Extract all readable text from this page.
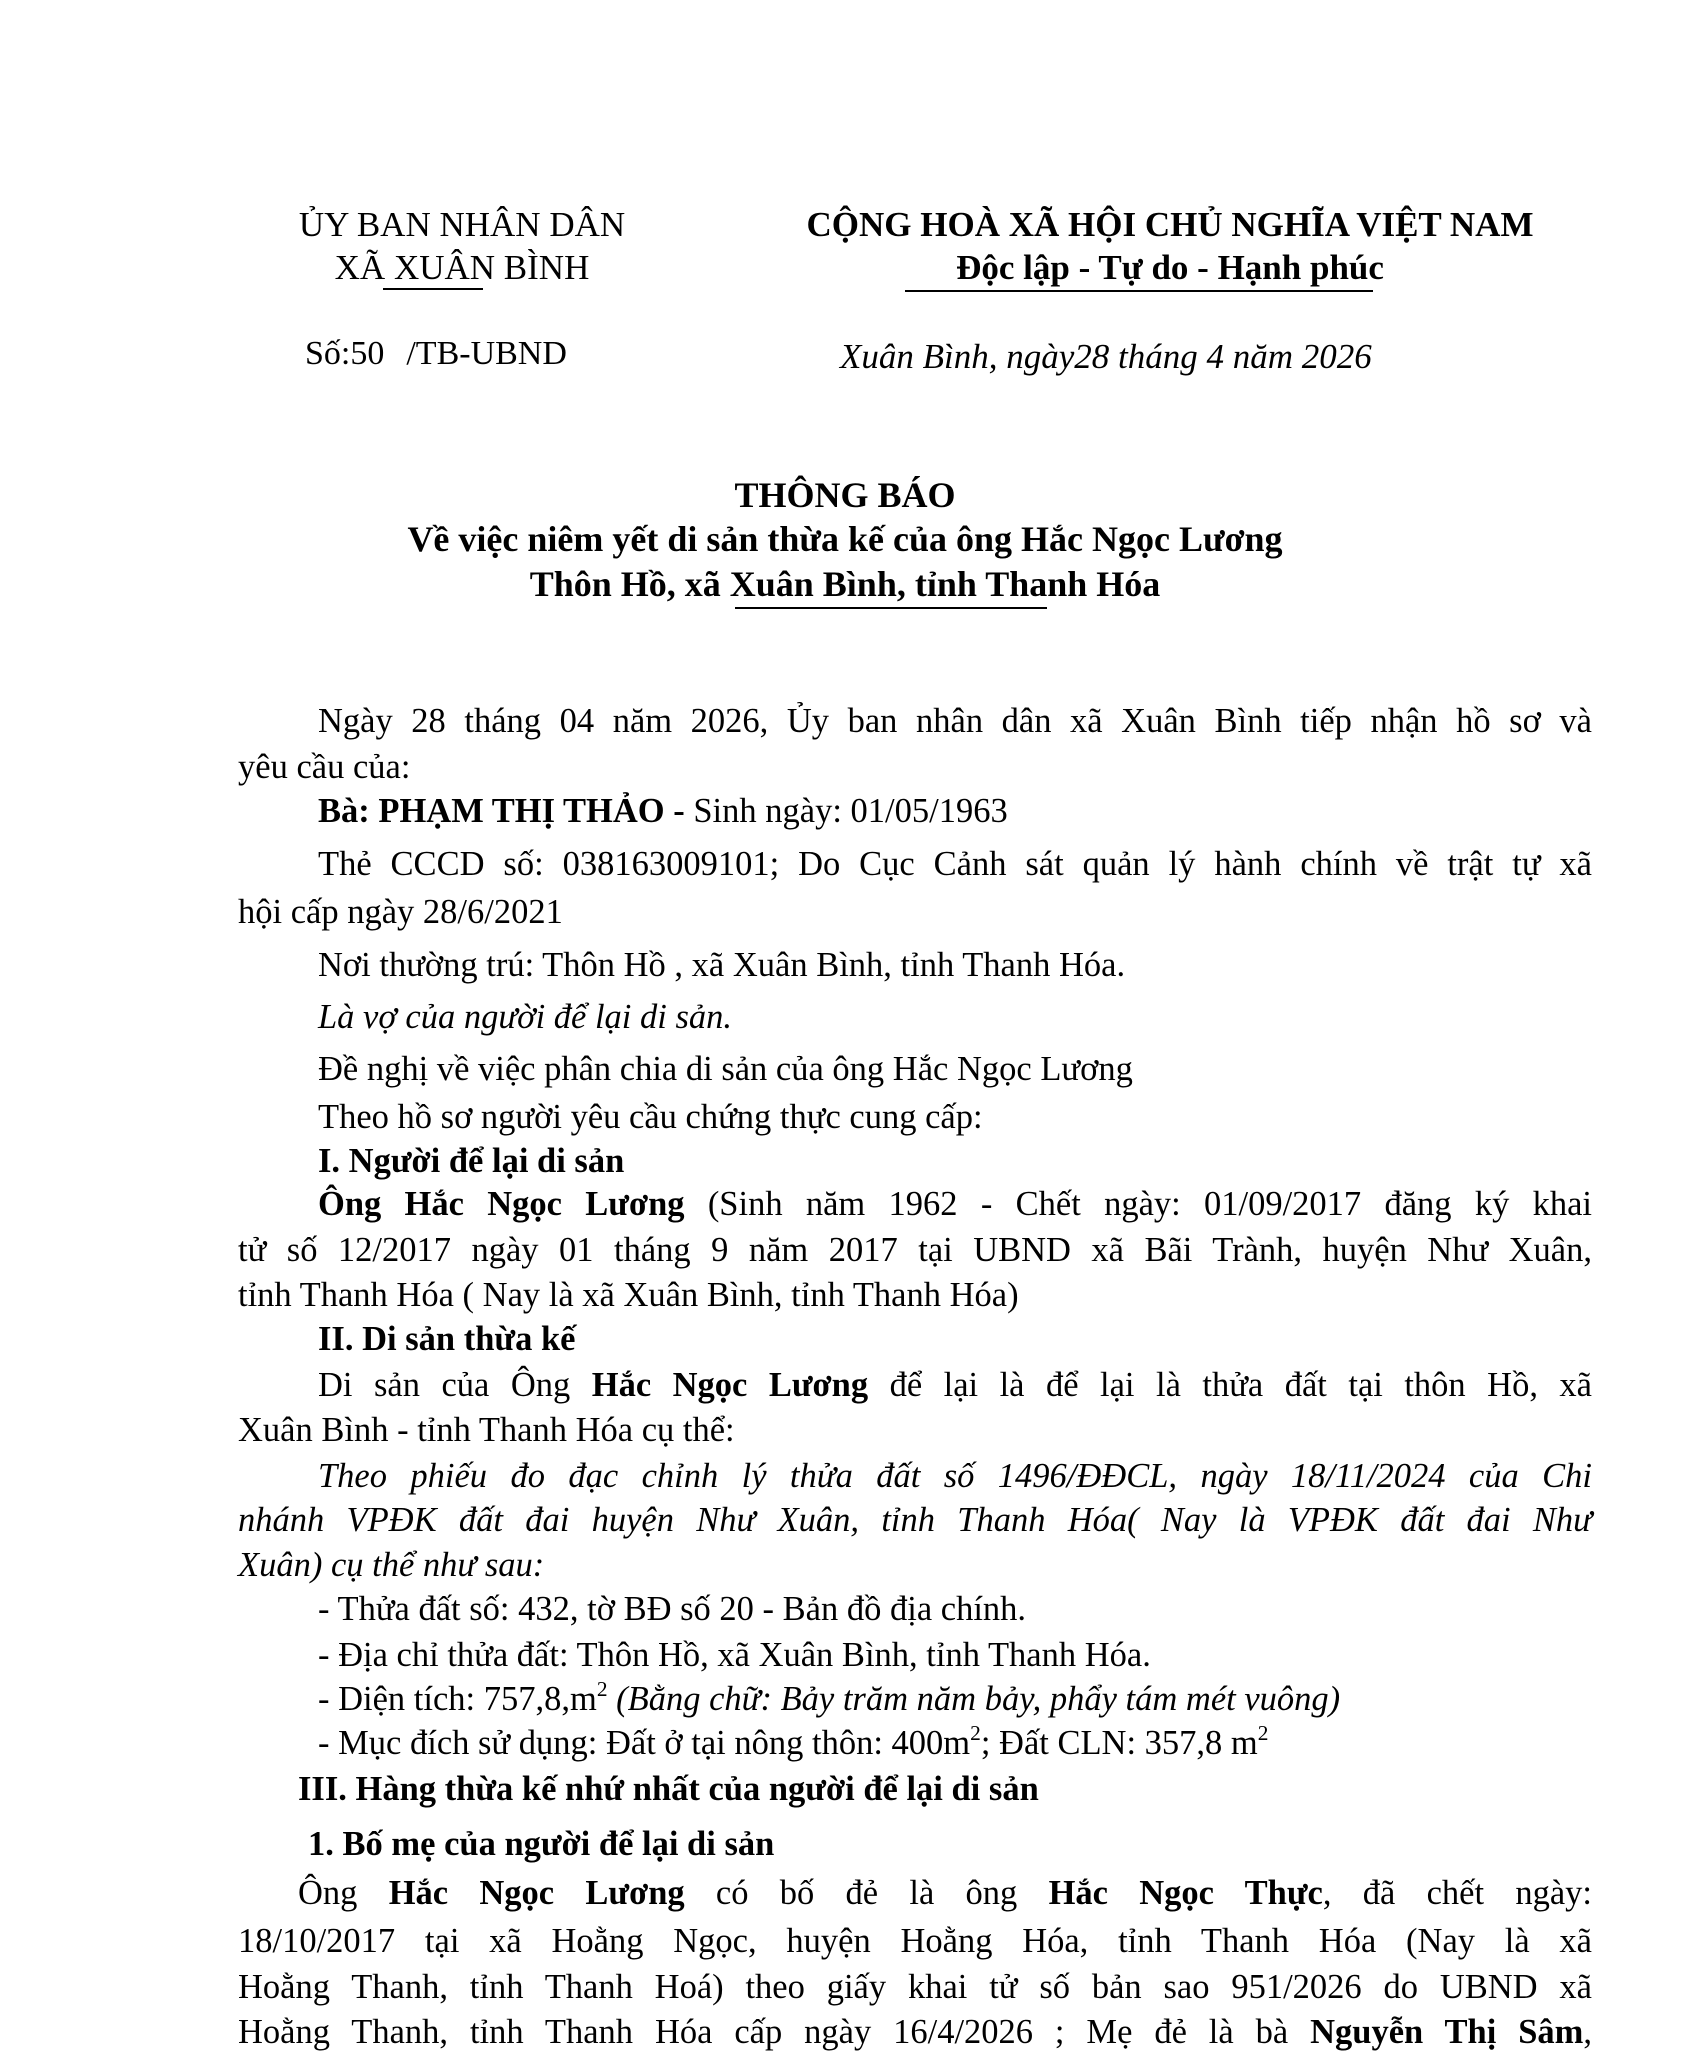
ỦY BAN NHÂN DÂN
XÃ XUÂN BÌNH
CỘNG HOÀ XÃ HỘI CHỦ NGHĨA VIỆT NAM
Độc lập - Tự do - Hạnh phúc
Số:50 /TB-UBND	Xuân Bình, ngày28 tháng 4 năm 2026
THÔNG BÁO
Về việc niêm yết di sản thừa kế của ông Hắc Ngọc Lương
Thôn Hồ, xã Xuân Bình, tỉnh Thanh Hóa
Ngày 28 tháng 04 năm 2026, Ủy ban nhân dân xã Xuân Bình tiếp nhận hồ sơ và
yêu cầu của:
Bà: PHẠM THỊ THẢO - Sinh ngày: 01/05/1963
Thẻ CCCD số: 038163009101; Do Cục Cảnh sát quản lý hành chính về trật tự xã
hội cấp ngày 28/6/2021
Nơi thường trú: Thôn Hồ , xã Xuân Bình, tỉnh Thanh Hóa.
Là vợ của người để lại di sản.
Đề nghị về việc phân chia di sản của ông Hắc Ngọc Lương
Theo hồ sơ người yêu cầu chứng thực cung cấp:
I. Người để lại di sản
Ông Hắc Ngọc Lương (Sinh năm 1962 - Chết ngày: 01/09/2017 đăng ký khai
tử số 12/2017 ngày 01 tháng 9 năm 2017 tại UBND xã Bãi Trành, huyện Như Xuân,
tỉnh Thanh Hóa ( Nay là xã Xuân Bình, tỉnh Thanh Hóa)
II. Di sản thừa kế
Di sản của Ông Hắc Ngọc Lương để lại là để lại là thửa đất tại thôn Hồ, xã
Xuân Bình - tỉnh Thanh Hóa cụ thể:
Theo phiếu đo đạc chỉnh lý thửa đất số 1496/ĐĐCL, ngày 18/11/2024 của Chi
nhánh VPĐK đất đai huyện Như Xuân, tỉnh Thanh Hóa( Nay là VPĐK đất đai Như
Xuân) cụ thể như sau:
- Thửa đất số: 432, tờ BĐ số 20 - Bản đồ địa chính.
- Địa chỉ thửa đất: Thôn Hồ, xã Xuân Bình, tỉnh Thanh Hóa.
- Diện tích: $757,8,m^2$ (Bằng chữ: Bảy trăm năm bảy, phẩy tám mét vuông)
- Mục đích sử dụng: Đất ở tại nông thôn: $400m^2$; Đất CLN: 357,8 $m^2$
III. Hàng thừa kế nhứ nhất của người để lại di sản
1. Bố mẹ của người để lại di sản
Ông Hắc Ngọc Lương có bố đẻ là ông Hắc Ngọc Thực, đã chết ngày:
18/10/2017 tại xã Hoằng Ngọc, huyện Hoằng Hóa, tỉnh Thanh Hóa (Nay là xã
Hoằng Thanh, tỉnh Thanh Hoá) theo giấy khai tử số bản sao 951/2026 do UBND xã
Hoằng Thanh, tỉnh Thanh Hóa cấp ngày 16/4/2026 ; Mẹ đẻ là bà Nguyễn Thị Sâm,
